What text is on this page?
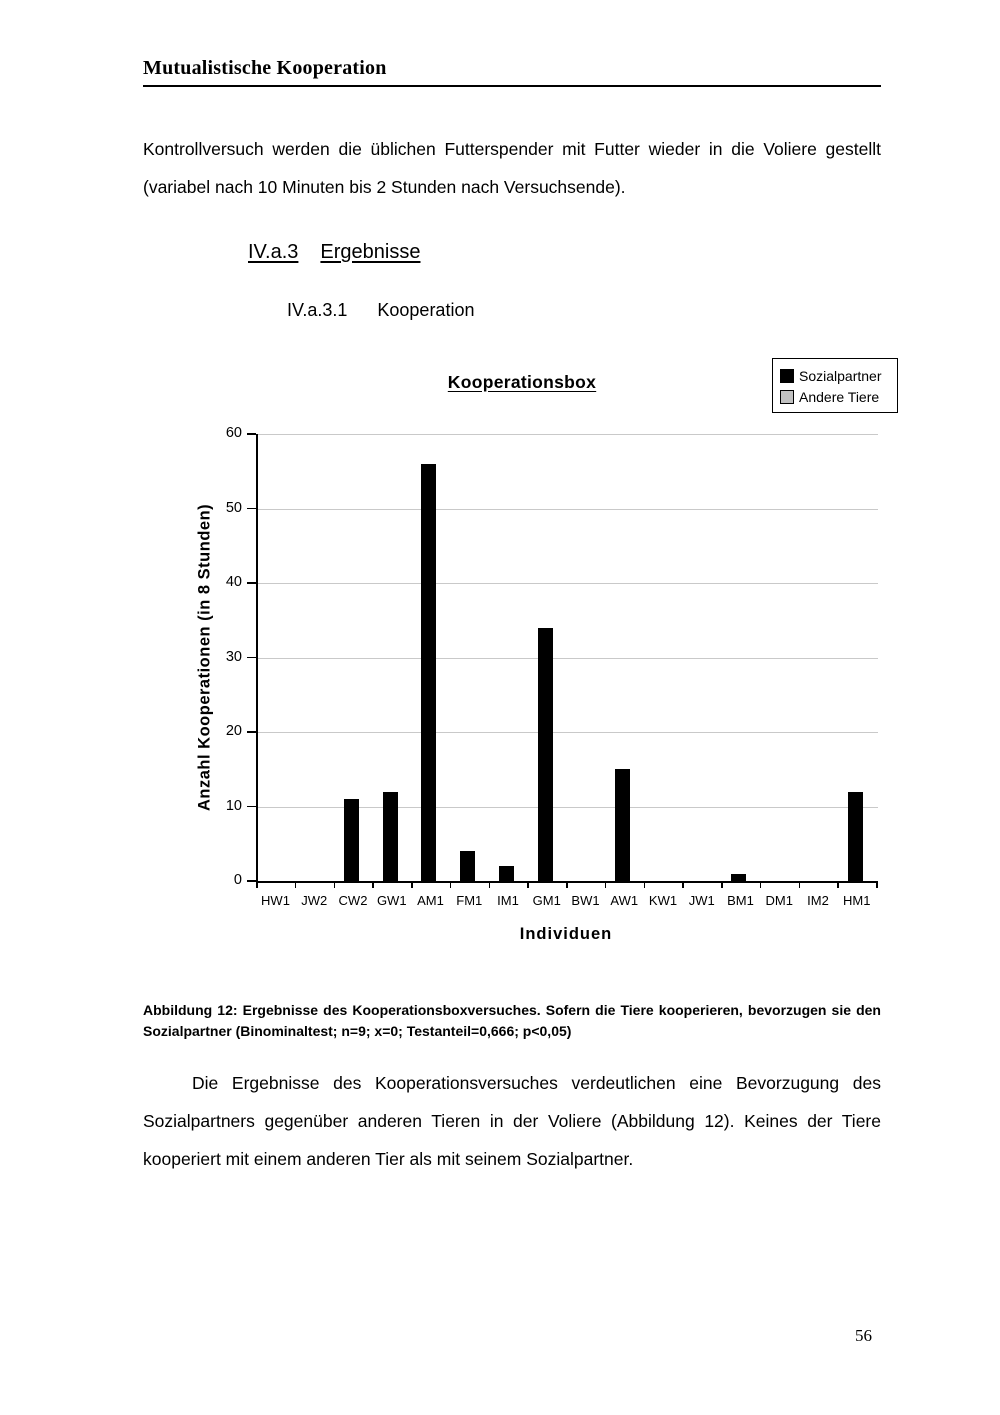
Mutualistische Kooperation

Kontrollversuch werden die üblichen Futterspender mit Futter wieder in die Voliere gestellt (variabel nach 10 Minuten bis 2 Stunden nach Versuchsende).

IV.a.3 Ergebnisse
IV.a.3.1 Kooperation
Kooperationsbox	Sozialpartner
Andere Tiere
Anzahl Kooperationen (in 8 Stunden)
0
10
20
30
40
50
60
HW1 JW2 CW2 GW1 AM1 FM1	IM1	GM1 BW1 AW1 KW1 JW1 BM1 DM1	IM2	HM1
Individuen

Abbildung 12: Ergebnisse des Kooperationsboxversuches. Sofern die Tiere kooperieren, bevorzugen sie den Sozialpartner (Binominaltest; n=9; x=0; Testanteil=0,666; p<0,05)

Die Ergebnisse des Kooperationsversuches verdeutlichen eine Bevorzugung des Sozialpartners gegenüber anderen Tieren in der Voliere (Abbildung 12). Keines der Tiere kooperiert mit einem anderen Tier als mit seinem Sozialpartner.

56
